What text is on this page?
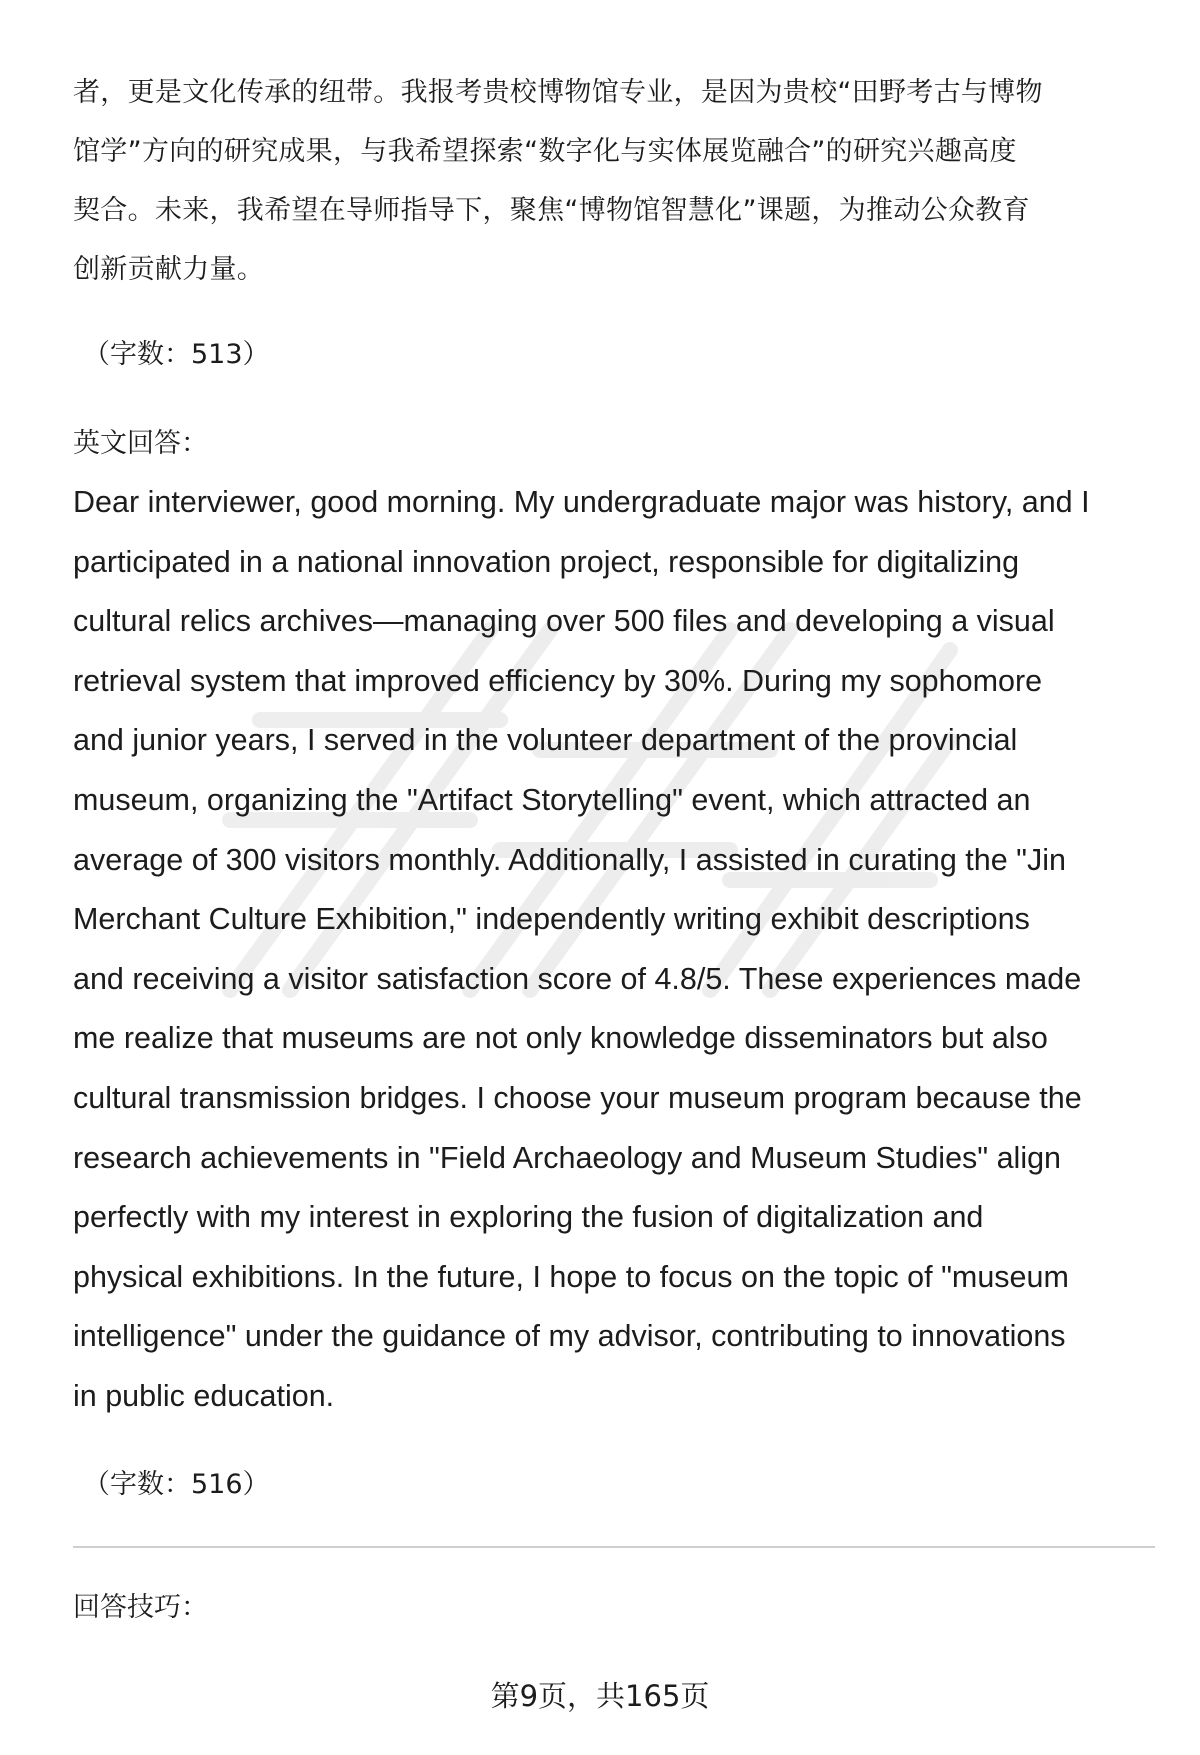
者，更是文化传承的纽带。我报考贵校博物馆专业，是因为贵校“田野考古与博物
馆学”方向的研究成果，与我希望探索“数字化与实体展览融合”的研究兴趣高度
契合。未来，我希望在导师指导下，聚焦“博物馆智慧化”课题，为推动公众教育
创新贡献力量。
（字数：513）
英文回答：
Dear interviewer, good morning. My undergraduate major was history, and I
participated in a national innovation project, responsible for digitalizing
cultural relics archives—managing over 500 files and developing a visual
retrieval system that improved efficiency by 30%. During my sophomore
and junior years, I served in the volunteer department of the provincial
museum, organizing the "Artifact Storytelling" event, which attracted an
average of 300 visitors monthly. Additionally, I assisted in curating the "Jin
Merchant Culture Exhibition," independently writing exhibit descriptions
and receiving a visitor satisfaction score of 4.8/5. These experiences made
me realize that museums are not only knowledge disseminators but also
cultural transmission bridges. I choose your museum program because the
research achievements in "Field Archaeology and Museum Studies" align
perfectly with my interest in exploring the fusion of digitalization and
physical exhibitions. In the future, I hope to focus on the topic of "museum
intelligence" under the guidance of my advisor, contributing to innovations
in public education.
（字数：516）
回答技巧：
第9页，共165页
